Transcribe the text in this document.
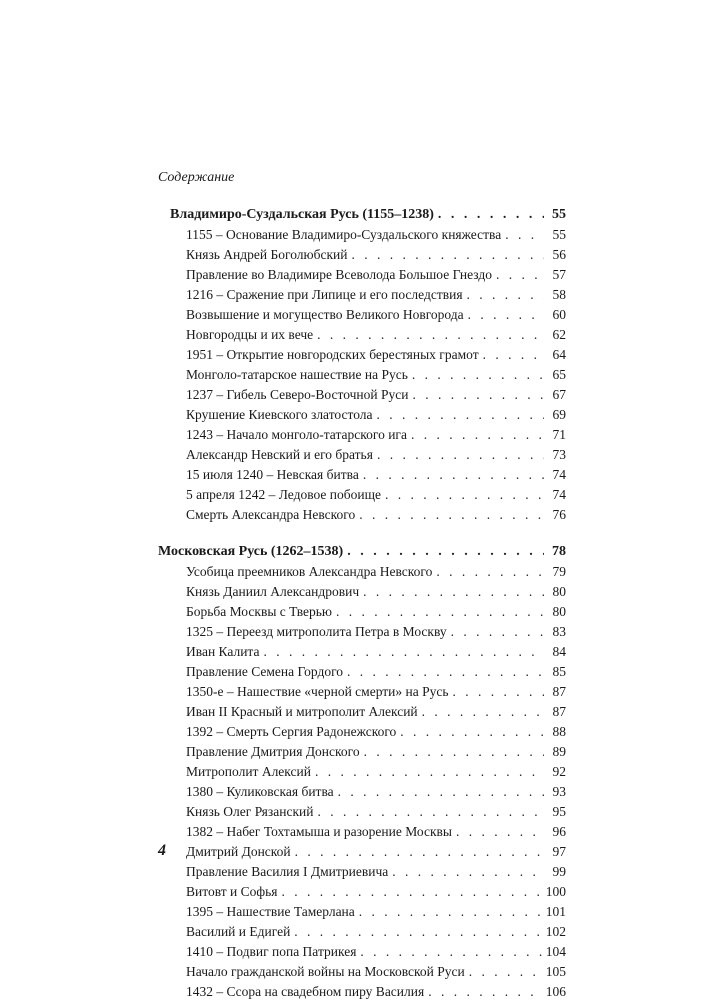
Содержание
Владимиро-Суздальская Русь (1155–1238) . . .	55
1155 – Основание Владимиро-Суздальского княжества . . .	55
Князь Андрей Боголюбский . . .	56
Правление во Владимире Всеволода Большое Гнездо . . .	57
1216 – Сражение при Липице и его последствия . . .	58
Возвышение и могущество Великого Новгорода . . .	60
Новгородцы и их вече . . .	62
1951 – Открытие новгородских берестяных грамот . . .	64
Монголо-татарское нашествие на Русь . . .	65
1237 – Гибель Северо-Восточной Руси . . .	67
Крушение Киевского златостола . . .	69
1243 – Начало монголо-татарского ига . . .	71
Александр Невский и его братья . . .	73
15 июля 1240 – Невская битва . . .	74
5 апреля 1242 – Ледовое побоище . . .	74
Смерть Александра Невского . . .	76
Московская Русь (1262–1538) . . .	78
Усобица преемников Александра Невского . . .	79
Князь Даниил Александрович . . .	80
Борьба Москвы с Тверью . . .	80
1325 – Переезд митрополита Петра в Москву . . .	83
Иван Калита . . .	84
Правление Семена Гордого . . .	85
1350-е – Нашествие «черной смерти» на Русь . . .	87
Иван II Красный и митрополит Алексий . . .	87
1392 – Смерть Сергия Радонежского . . .	88
Правление Дмитрия Донского . . .	89
Митрополит Алексий . . .	92
1380 – Куликовская битва . . .	93
Князь Олег Рязанский . . .	95
1382 – Набег Тохтамыша и разорение Москвы . . .	96
Дмитрий Донской . . .	97
Правление Василия I Дмитриевича . . .	99
Витовт и Софья . . .	100
1395 – Нашествие Тамерлана . . .	101
Василий и Едигей . . .	102
1410 – Подвиг попа Патрикея . . .	104
Начало гражданской войны на Московской Руси . . .	105
1432 – Ссора на свадебном пиру Василия . . .	106
4
